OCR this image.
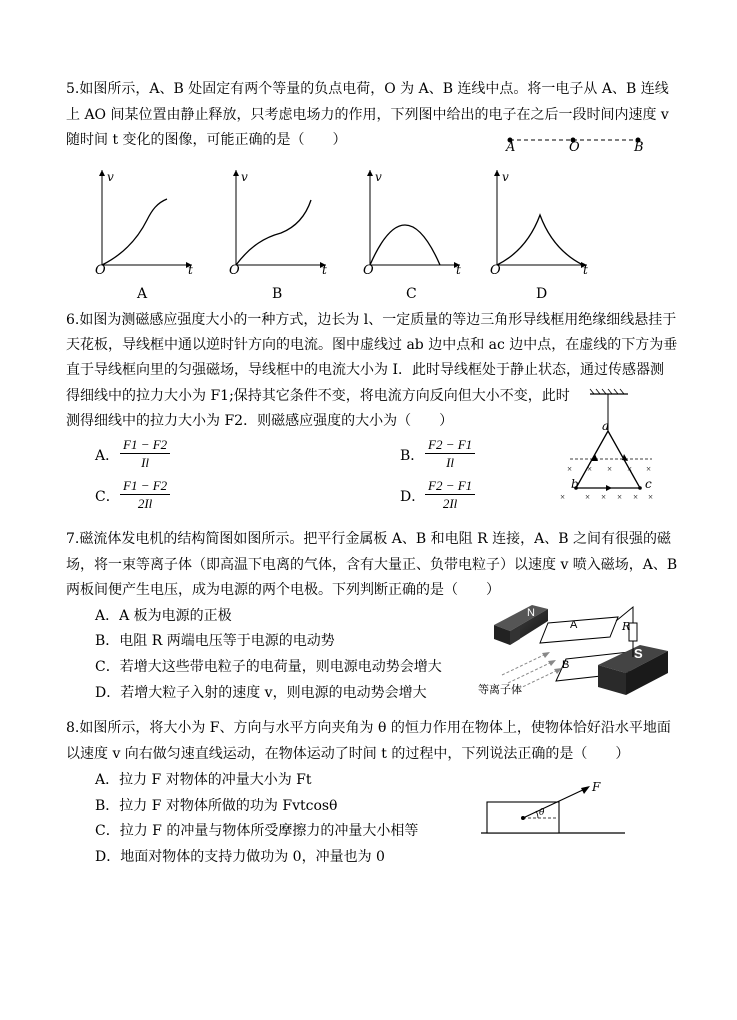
5.如图所示，A、B 处固定有两个等量的负点电荷，O 为 A、B 连线中点。将一电子从 A、B 连线
上 AO 间某位置由静止释放，只考虑电场力的作用，下列图中给出的电子在之后一段时间内速度 v
随时间 t 变化的图像，可能正确的是（　　）	A	O	B
v
t
O
v
t
O
v
t
O
v
t
O
A	B	C	D
6.如图为测磁感应强度大小的一种方式，边长为 l、一定质量的等边三角形导线框用绝缘细线悬挂于
天花板，导线框中通以逆时针方向的电流。图中虚线过 ab 边中点和 ac 边中点，在虚线的下方为垂
直于导线框向里的匀强磁场，导线框中的电流大小为 I．此时导线框处于静止状态，通过传感器测
得细线中的拉力大小为 F1;保持其它条件不变，将电流方向反向但大小不变，此时
测得细线中的拉力大小为 F2．则磁感应强度的大小为（　　）
A． $\frac{F1 - F2}{Il}$	B． $\frac{F2 - F1}{Il}$
C． $\frac{F1 - F2}{2Il}$	D． $\frac{F2 - F1}{2Il}$
× × × × ×
× × × × ×
×
a
b	c
7.磁流体发电机的结构简图如图所示。把平行金属板 A、B 和电阻 R 连接，A、B 之间有很强的磁
场，将一束等离子体（即高温下电离的气体，含有大量正、负带电粒子）以速度 v 喷入磁场，A、B
两板间便产生电压，成为电源的两个电极。下列判断正确的是（　　）
A．A 板为电源的正极
B．电阻 R 两端电压等于电源的电动势
C．若增大这些带电粒子的电荷量，则电源电动势会增大
D．若增大粒子入射的速度 v，则电源的电动势会增大
N
S
A
B
R
等离子体
8.如图所示，将大小为 F、方向与水平方向夹角为 θ 的恒力作用在物体上，使物体恰好沿水平地面
以速度 v 向右做匀速直线运动，在物体运动了时间 t 的过程中，下列说法正确的是（　　）
A．拉力 F 对物体的冲量大小为 Ft
B．拉力 F 对物体所做的功为 Fvtcosθ
C．拉力 F 的冲量与物体所受摩擦力的冲量大小相等
D．地面对物体的支持力做功为 0，冲量也为 0
F
θ
